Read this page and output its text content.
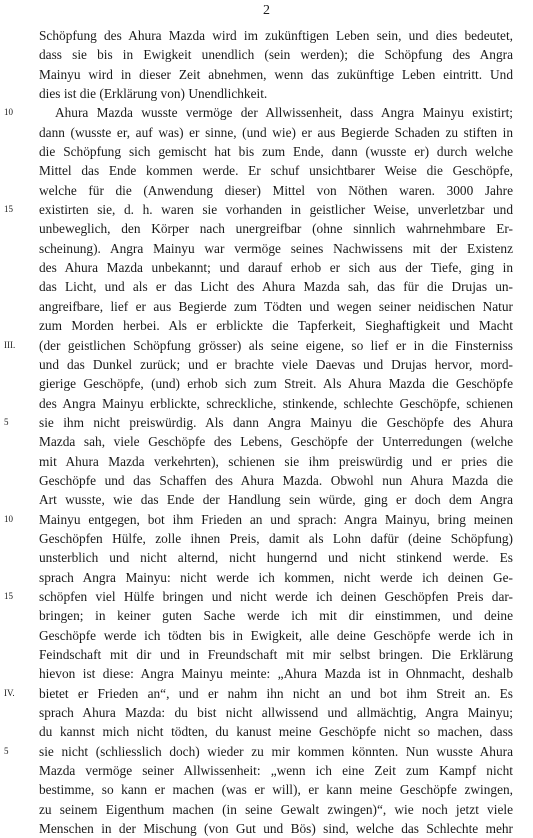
2
Schöpfung des Ahura Mazda wird im zukünftigen Leben sein, und dies bedeutet,
dass sie bis in Ewigkeit unendlich (sein werden); die Schöpfung des Angra
Mainyu wird in dieser Zeit abnehmen, wenn das zukünftige Leben eintritt. Und
dies ist die (Erklärung von) Unendlichkeit.
10	Ahura Mazda wusste vermöge der Allwissenheit, dass Angra Mainyu existirt;
dann (wusste er, auf was) er sinne, (und wie) er aus Begierde Schaden zu stiften in
die Schöpfung sich gemischt hat bis zum Ende, dann (wusste er) durch welche
Mittel das Ende kommen werde. Er schuf unsichtbarer Weise die Geschöpfe,
welche für die (Anwendung dieser) Mittel von Nöthen waren. 3000 Jahre
15	existirten sie, d. h. waren sie vorhanden in geistlicher Weise, unverletzbar und
unbeweglich, den Körper nach unergreifbar (ohne sinnlich wahrnehmbare Er-
scheinung). Angra Mainyu war vermöge seines Nachwissens mit der Existenz
des Ahura Mazda unbekannt; und darauf erhob er sich aus der Tiefe, ging in
das Licht, und als er das Licht des Ahura Mazda sah, das für die Drujas un-
angreifbare, lief er aus Begierde zum Tödten und wegen seiner neidischen Natur
zum Morden herbei. Als er erblickte die Tapferkeit, Sieghaftigkeit und Macht
III.	(der geistlichen Schöpfung grösser) als seine eigene, so lief er in die Finsterniss
und das Dunkel zurück; und er brachte viele Daevas und Drujas hervor, mord-
gierige Geschöpfe, (und) erhob sich zum Streit. Als Ahura Mazda die Geschöpfe
des Angra Mainyu erblickte, schreckliche, stinkende, schlechte Geschöpfe, schienen
5	sie ihm nicht preiswürdig. Als dann Angra Mainyu die Geschöpfe des Ahura
Mazda sah, viele Geschöpfe des Lebens, Geschöpfe der Unterredungen (welche
mit Ahura Mazda verkehrten), schienen sie ihm preiswürdig und er pries die
Geschöpfe und das Schaffen des Ahura Mazda. Obwohl nun Ahura Mazda die
Art wusste, wie das Ende der Handlung sein würde, ging er doch dem Angra
10	Mainyu entgegen, bot ihm Frieden an und sprach: Angra Mainyu, bring meinen
Geschöpfen Hülfe, zolle ihnen Preis, damit als Lohn dafür (deine Schöpfung)
unsterblich und nicht alternd, nicht hungernd und nicht stinkend werde. Es
sprach Angra Mainyu: nicht werde ich kommen, nicht werde ich deinen Ge-
15	schöpfen viel Hülfe bringen und nicht werde ich deinen Geschöpfen Preis dar-
bringen; in keiner guten Sache werde ich mit dir einstimmen, und deine
Geschöpfe werde ich tödten bis in Ewigkeit, alle deine Geschöpfe werde ich in
Feindschaft mit dir und in Freundschaft mit mir selbst bringen. Die Erklärung
hievon ist diese: Angra Mainyu meinte: „Ahura Mazda ist in Ohnmacht, deshalb
IV.	bietet er Frieden an“, und er nahm ihn nicht an und bot ihm Streit an. Es
sprach Ahura Mazda: du bist nicht allwissend und allmächtig, Angra Mainyu;
du kannst mich nicht tödten, du kanust meine Geschöpfe nicht so machen, dass
5	sie nicht (schliesslich doch) wieder zu mir kommen könnten. Nun wusste Ahura
Mazda vermöge seiner Allwissenheit: „wenn ich eine Zeit zum Kampf nicht
bestimme, so kann er machen (was er will), er kann meine Geschöpfe zwingen,
zu seinem Eigenthum machen (in seine Gewalt zwingen)“, wie noch jetzt viele
Menschen in der Mischung (von Gut und Bös) sind, welche das Schlechte mehr
